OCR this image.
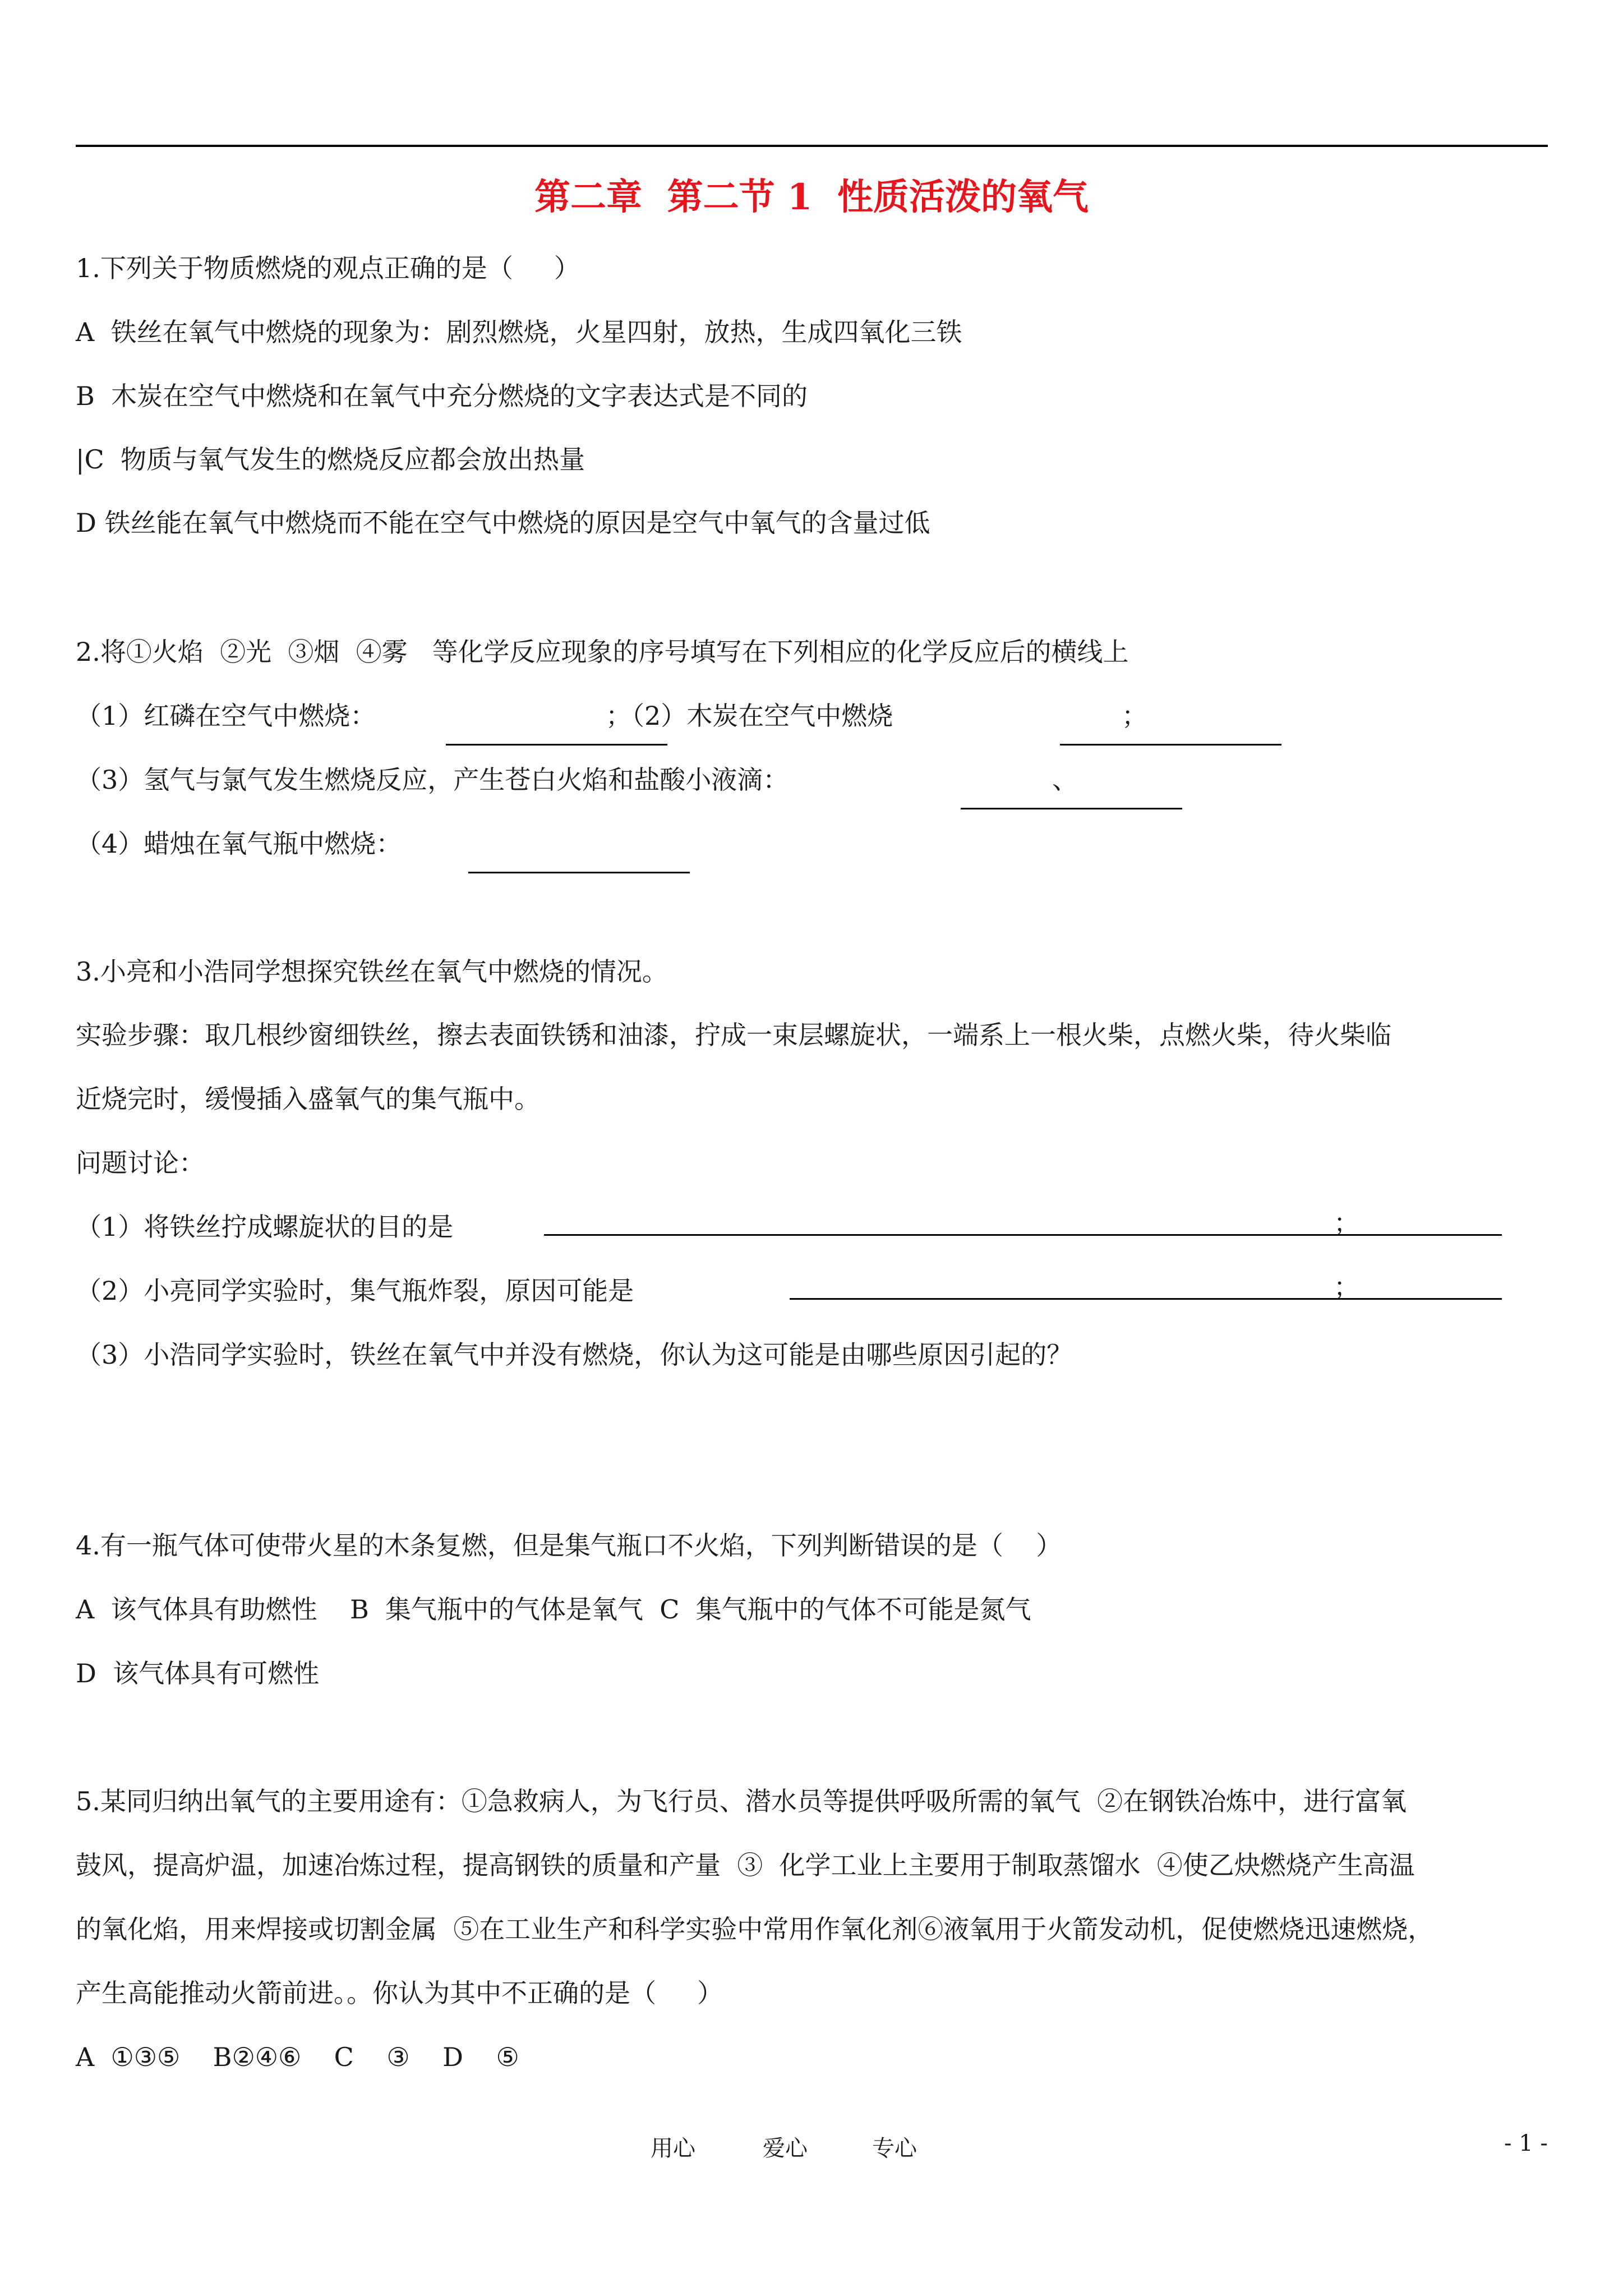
第二章  第二节 1  性质活泼的氧气
1.下列关于物质燃烧的观点正确的是（     ）
A  铁丝在氧气中燃烧的现象为：剧烈燃烧，火星四射，放热，生成四氧化三铁
B  木炭在空气中燃烧和在氧气中充分燃烧的文字表达式是不同的
|C  物质与氧气发生的燃烧反应都会放出热量
D 铁丝能在氧气中燃烧而不能在空气中燃烧的原因是空气中氧气的含量过低
2.将①火焰  ②光  ③烟  ④雾   等化学反应现象的序号填写在下列相应的化学反应后的横线上
（1）红磷在空气中燃烧：	；（2）木炭在空气中燃烧	；
（3）氢气与氯气发生燃烧反应，产生苍白火焰和盐酸小液滴：	、
（4）蜡烛在氧气瓶中燃烧：
3.小亮和小浩同学想探究铁丝在氧气中燃烧的情况。
实验步骤：取几根纱窗细铁丝，擦去表面铁锈和油漆，拧成一束层螺旋状，一端系上一根火柴，点燃火柴，待火柴临
近烧完时，缓慢插入盛氧气的集气瓶中。
问题讨论：
（1）将铁丝拧成螺旋状的目的是	；
（2）小亮同学实验时，集气瓶炸裂，原因可能是	；
（3）小浩同学实验时，铁丝在氧气中并没有燃烧，你认为这可能是由哪些原因引起的？
4.有一瓶气体可使带火星的木条复燃，但是集气瓶口不火焰，下列判断错误的是（    ）
A  该气体具有助燃性    B  集气瓶中的气体是氧气  C  集气瓶中的气体不可能是氮气
D  该气体具有可燃性
5.某同归纳出氧气的主要用途有：①急救病人，为飞行员、潜水员等提供呼吸所需的氧气  ②在钢铁冶炼中，进行富氧
鼓风，提高炉温，加速冶炼过程，提高钢铁的质量和产量  ③  化学工业上主要用于制取蒸馏水  ④使乙炔燃烧产生高温
的氧化焰，用来焊接或切割金属  ⑤在工业生产和科学实验中常用作氧化剂⑥液氧用于火箭发动机，促使燃烧迅速燃烧，
产生高能推动火箭前进。。你认为其中不正确的是（     ）
A  ①③⑤    B②④⑥    C    ③    D    ⑤
用心	爱心	专心	- 1 -
